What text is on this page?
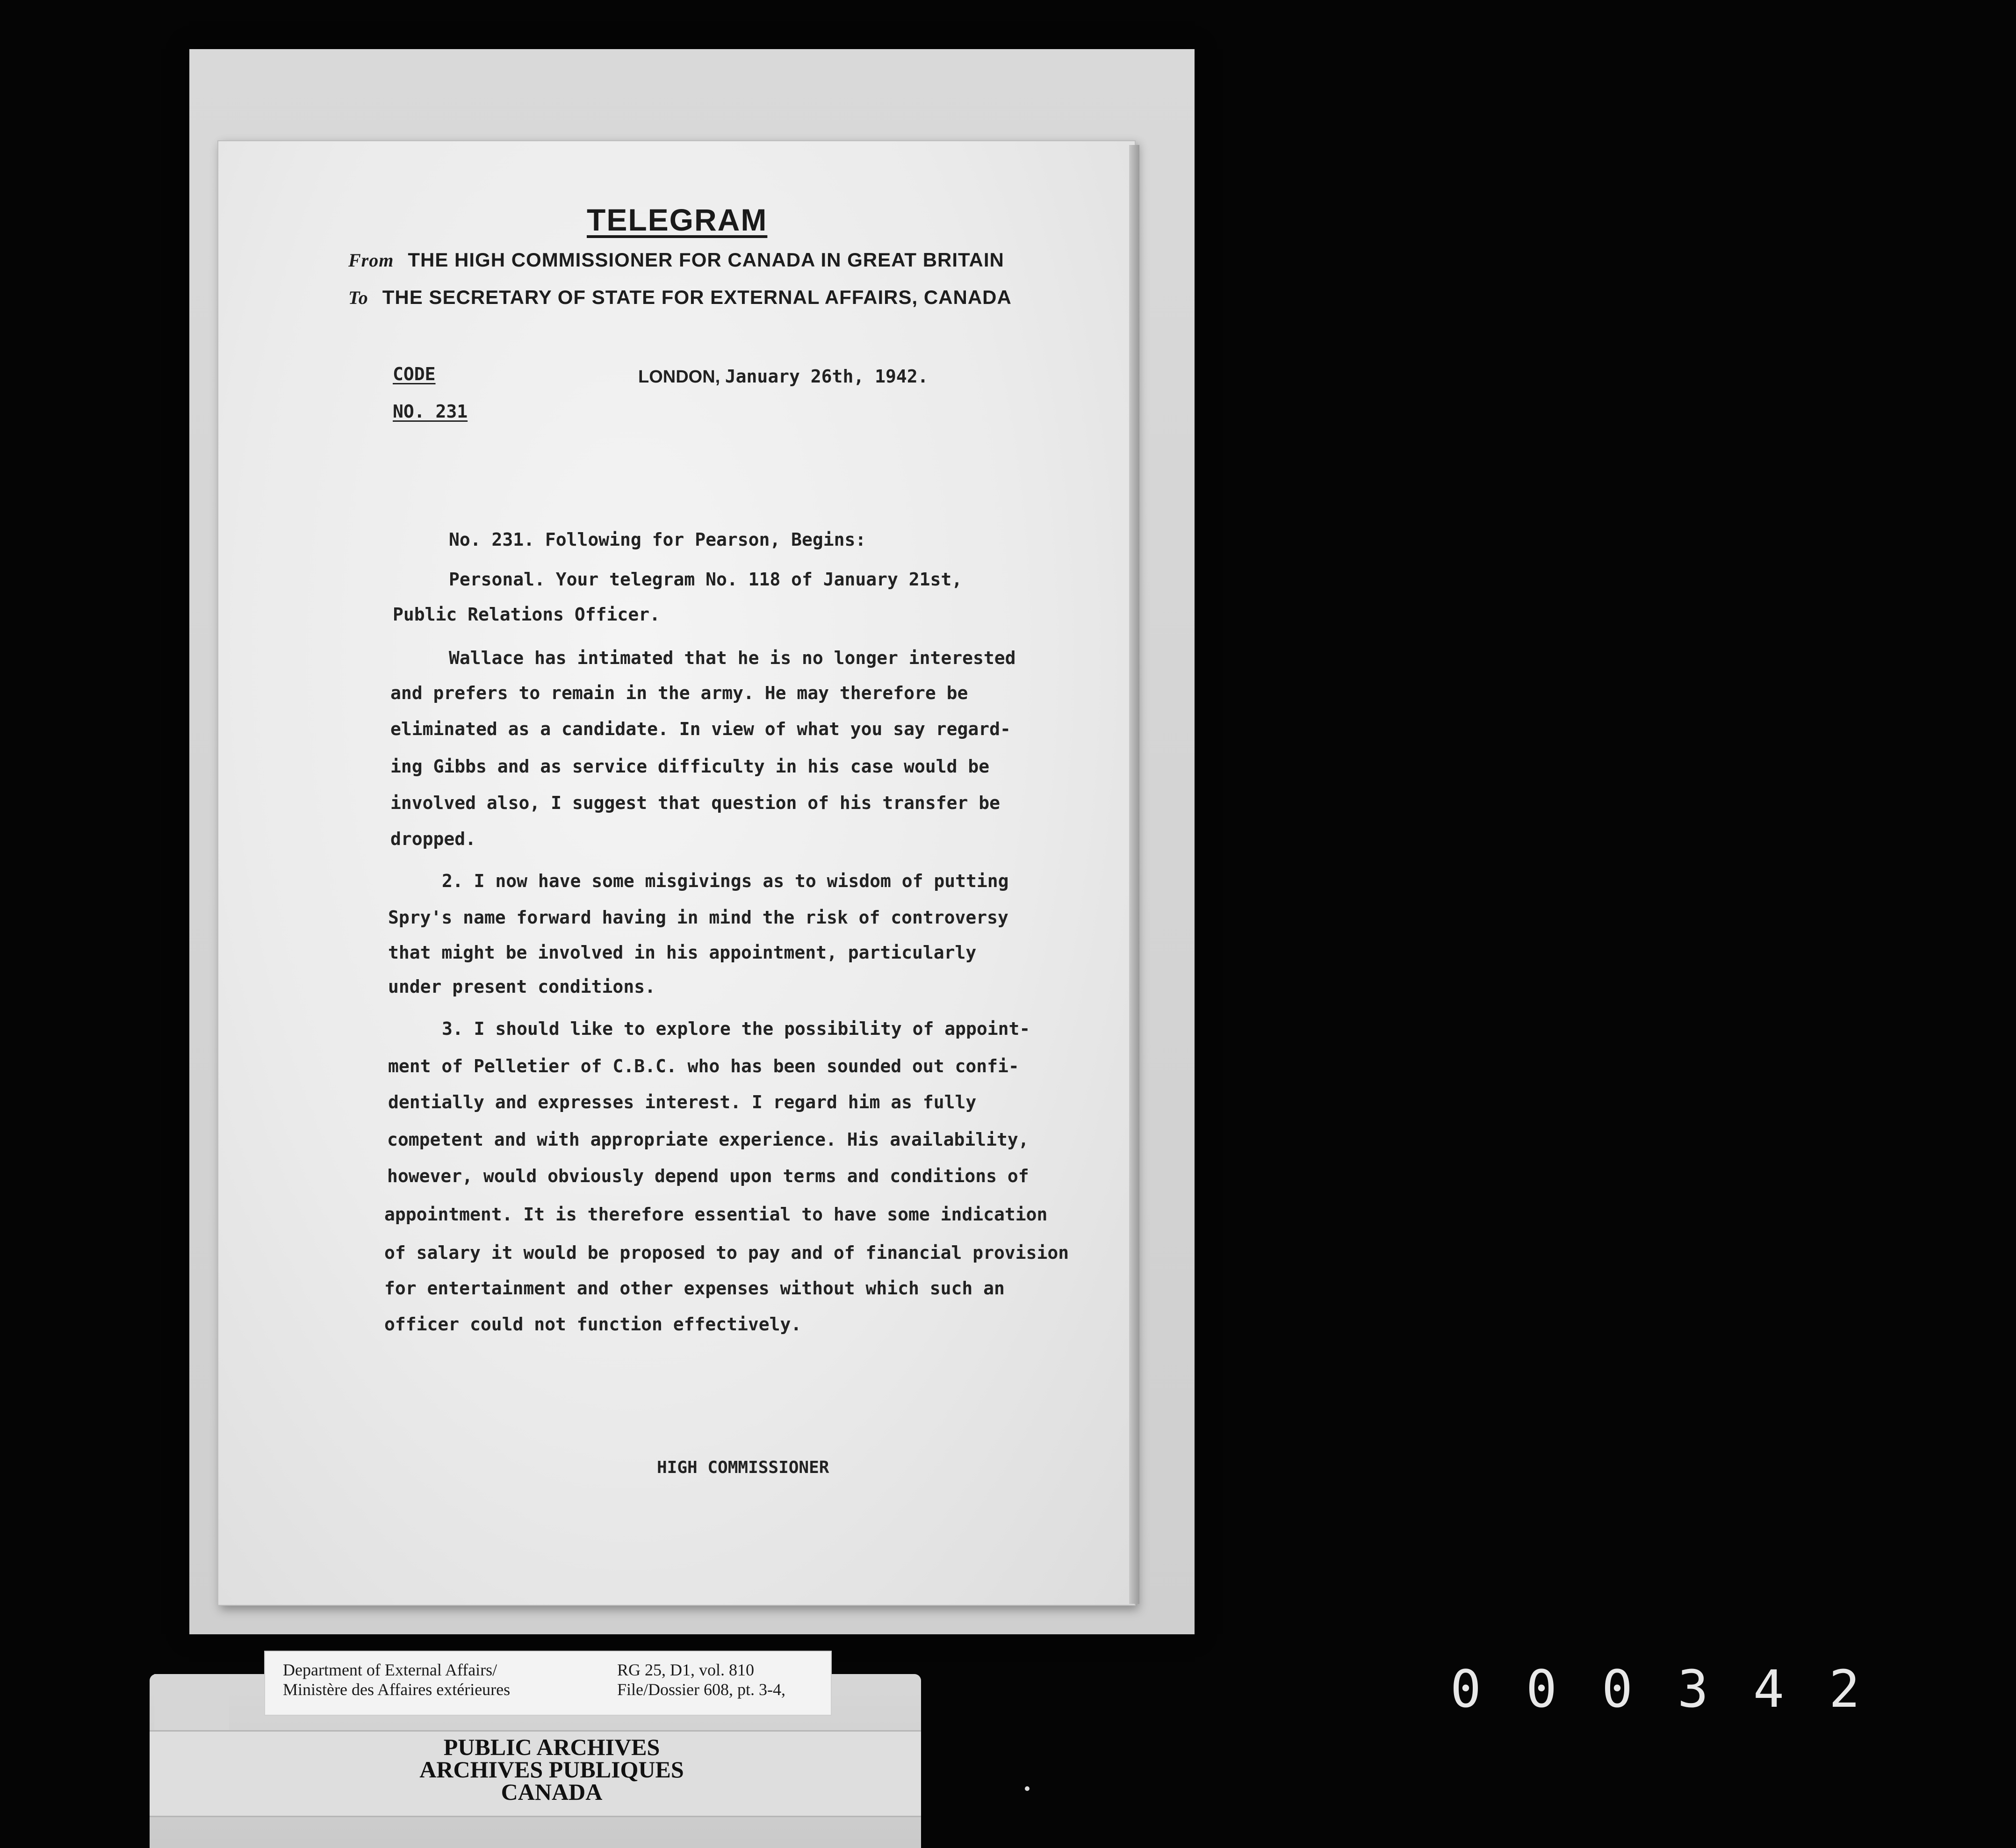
TELEGRAM
From THE HIGH COMMISSIONER FOR CANADA IN GREAT BRITAIN
To THE SECRETARY OF STATE FOR EXTERNAL AFFAIRS, CANADA
CODE
NO. 231
LONDON, January 26th, 1942.
No. 231. Following for Pearson, Begins:
Personal. Your telegram No. 118 of January 21st,
Public Relations Officer.
Wallace has intimated that he is no longer interested
and prefers to remain in the army. He may therefore be
eliminated as a candidate. In view of what you say regard-
ing Gibbs and as service difficulty in his case would be
involved also, I suggest that question of his transfer be
dropped.
2. I now have some misgivings as to wisdom of putting
Spry's name forward having in mind the risk of controversy
that might be involved in his appointment, particularly
under present conditions.
3. I should like to explore the possibility of appoint-
ment of Pelletier of C.B.C. who has been sounded out confi-
dentially and expresses interest. I regard him as fully
competent and with appropriate experience. His availability,
however, would obviously depend upon terms and conditions of
appointment. It is therefore essential to have some indication
of salary it would be proposed to pay and of financial provision
for entertainment and other expenses without which such an
officer could not function effectively.
HIGH COMMISSIONER
Department of External Affairs/
Ministère des Affaires extérieures
RG 25, D1, vol. 810
File/Dossier 608, pt. 3-4,
PUBLIC ARCHIVES
ARCHIVES PUBLIQUES
CANADA
0 0 0 3 4 2
